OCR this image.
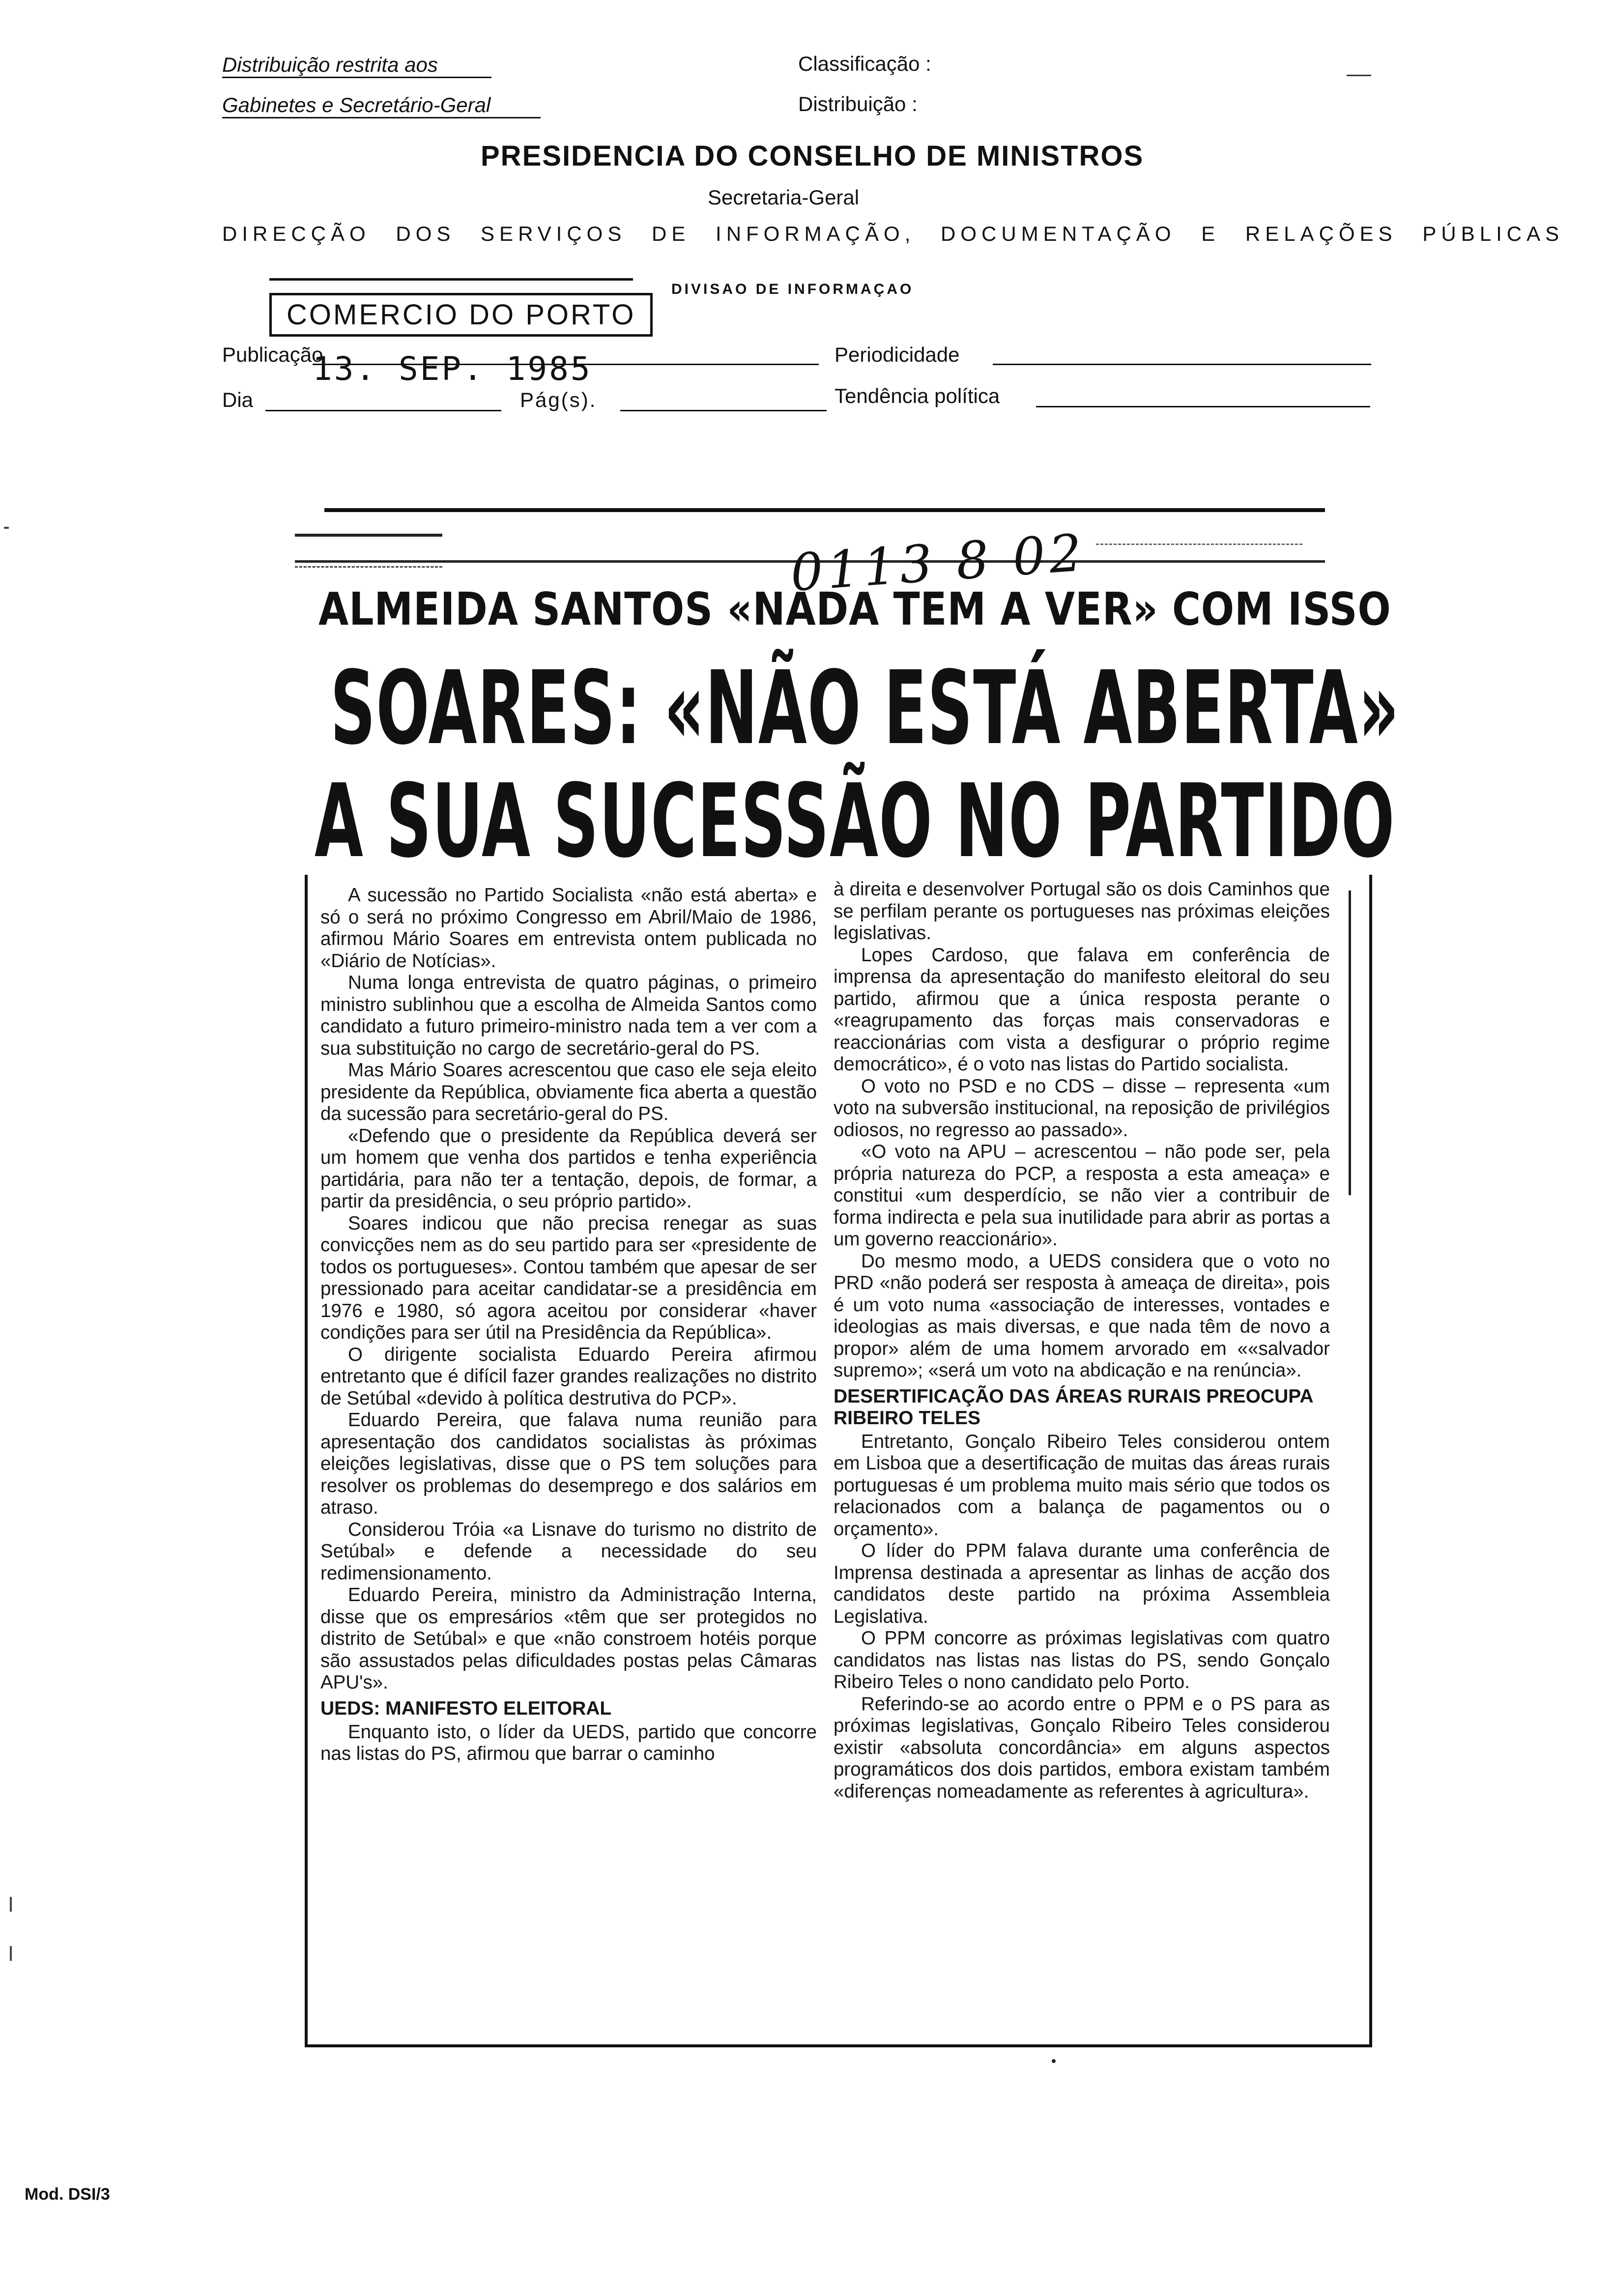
Distribuição restrita aos
Gabinetes e Secretário-Geral
Classificação :
Distribuição :
PRESIDENCIA DO CONSELHO DE MINISTROS
Secretaria-Geral
DIRECÇÃO DOS SERVIÇOS DE INFORMAÇÃO, DOCUMENTAÇÃO E RELAÇÕES PÚBLICAS
DIVISAO DE INFORMAÇAO
COMERCIO DO PORTO
Publicação
13. SEP. 1985	Periodicidade
Dia	Pág(s).	Tendência política
0113 8 02
ALMEIDA SANTOS «NADA TEM A VER» COM ISSO
SOARES: «NÃO ESTÁ ABERTA»
A SUA SUCESSÃO NO PARTIDO

A sucessão no Partido Socialista «não está aberta» e só o será no próximo Congresso em Abril/Maio de 1986, afirmou Mário Soares em entrevista ontem publicada no «Diário de Notícias».

Numa longa entrevista de quatro páginas, o primeiro ministro sublinhou que a escolha de Almeida Santos como candidato a futuro primeiro-ministro nada tem a ver com a sua substituição no cargo de secretário-geral do PS.

Mas Mário Soares acrescentou que caso ele seja eleito presidente da República, obviamente fica aberta a questão da sucessão para secretário-geral do PS.

«Defendo que o presidente da República deverá ser um homem que venha dos partidos e tenha experiência partidária, para não ter a tentação, depois, de formar, a partir da presidência, o seu próprio partido».

Soares indicou que não precisa renegar as suas convicções nem as do seu partido para ser «presidente de todos os portugueses». Contou também que apesar de ser pressionado para aceitar candidatar-se a presidência em 1976 e 1980, só agora aceitou por considerar «haver condições para ser útil na Presidência da República».

O dirigente socialista Eduardo Pereira afirmou entretanto que é difícil fazer grandes realizações no distrito de Setúbal «devido à política destrutiva do PCP».

Eduardo Pereira, que falava numa reunião para apresentação dos candidatos socialistas às próximas eleições legislativas, disse que o PS tem soluções para resolver os problemas do desemprego e dos salários em atraso.

Considerou Tróia «a Lisnave do turismo no distrito de Setúbal» e defende a necessidade do seu redimensionamento.

Eduardo Pereira, ministro da Administração Interna, disse que os empresários «têm que ser protegidos no distrito de Setúbal» e que «não constroem hotéis porque são assustados pelas dificuldades postas pelas Câmaras APU's».

UEDS: MANIFESTO ELEITORAL

Enquanto isto, o líder da UEDS, partido que concorre nas listas do PS, afirmou que barrar o caminho

à direita e desenvolver Portugal são os dois Caminhos que se perfilam perante os portugueses nas próximas eleições legislativas.

Lopes Cardoso, que falava em conferência de imprensa da apresentação do manifesto eleitoral do seu partido, afirmou que a única resposta perante o «reagrupamento das forças mais conservadoras e reaccionárias com vista a desfigurar o próprio regime democrático», é o voto nas listas do Partido socialista.

O voto no PSD e no CDS – disse – representa «um voto na subversão institucional, na reposição de privilégios odiosos, no regresso ao passado».

«O voto na APU – acrescentou – não pode ser, pela própria natureza do PCP, a resposta a esta ameaça» e constitui «um desperdício, se não vier a contribuir de forma indirecta e pela sua inutilidade para abrir as portas a um governo reaccionário».

Do mesmo modo, a UEDS considera que o voto no PRD «não poderá ser resposta à ameaça de direita», pois é um voto numa «associação de interesses, vontades e ideologias as mais diversas, e que nada têm de novo a propor» além de uma homem arvorado em ««salvador supremo»; «será um voto na abdicação e na renúncia».

DESERTIFICAÇÃO DAS ÁREAS RURAIS PREOCUPA RIBEIRO TELES

Entretanto, Gonçalo Ribeiro Teles considerou ontem em Lisboa que a desertificação de muitas das áreas rurais portuguesas é um problema muito mais sério que todos os relacionados com a balança de pagamentos ou o orçamento».

O líder do PPM falava durante uma conferência de Imprensa destinada a apresentar as linhas de acção dos candidatos deste partido na próxima Assembleia Legislativa.

O PPM concorre as próximas legislativas com quatro candidatos nas listas nas listas do PS, sendo Gonçalo Ribeiro Teles o nono candidato pelo Porto.

Referindo-se ao acordo entre o PPM e o PS para as próximas legislativas, Gonçalo Ribeiro Teles considerou existir «absoluta concordância» em alguns aspectos programáticos dos dois partidos, embora existam também «diferenças nomeadamente as referentes à agricultura».

Mod. DSI/3
